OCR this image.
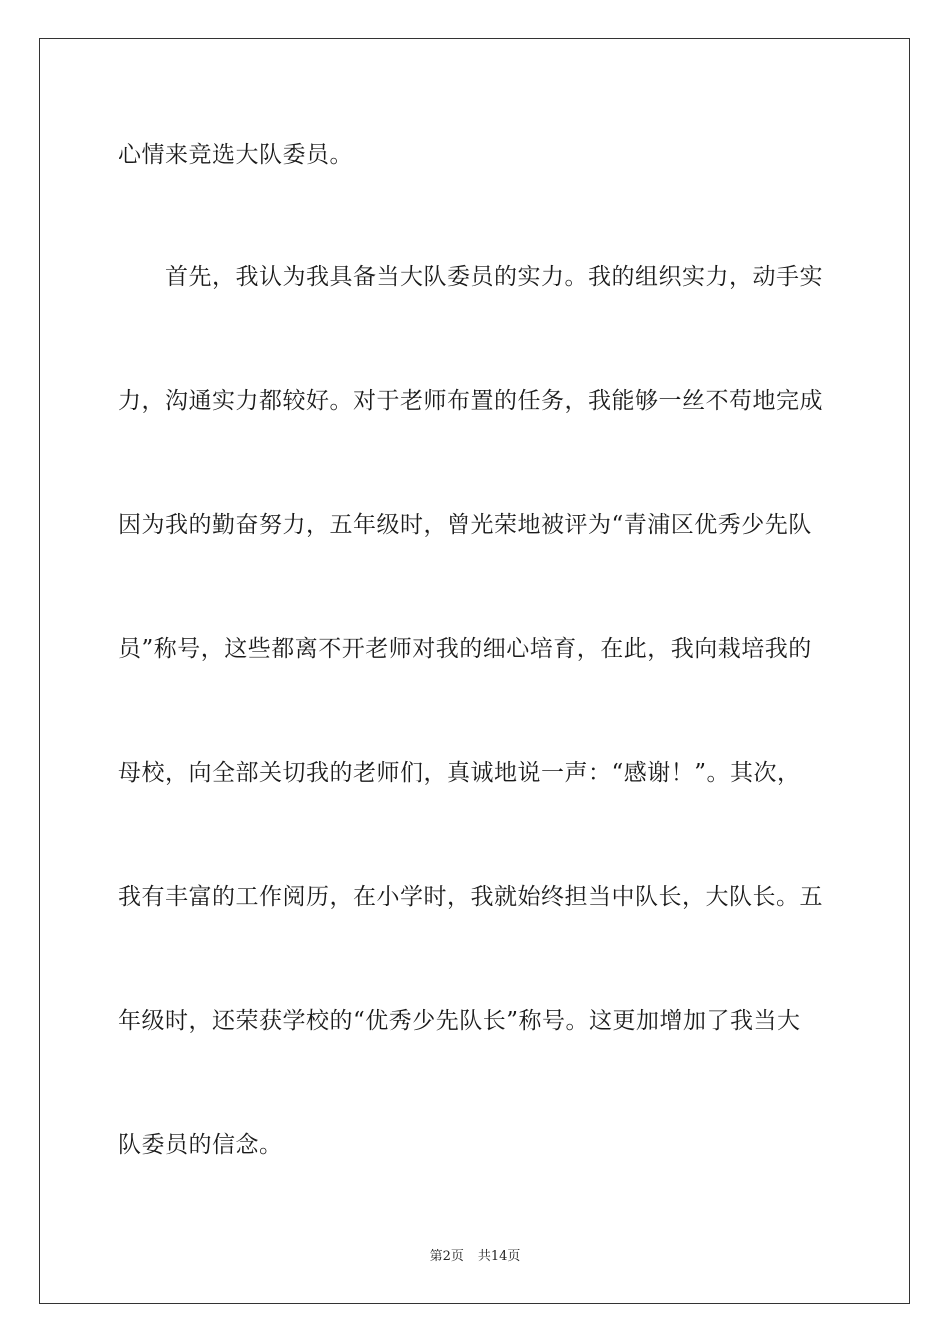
心情来竞选大队委员。
　　首先，我认为我具备当大队委员的实力。我的组织实力，动手实
力，沟通实力都较好。对于老师布置的任务，我能够一丝不苟地完成
因为我的勤奋努力，五年级时，曾光荣地被评为“青浦区优秀少先队
员”称号，这些都离不开老师对我的细心培育，在此，我向栽培我的
母校，向全部关切我的老师们，真诚地说一声：“感谢！”。其次，
我有丰富的工作阅历，在小学时，我就始终担当中队长，大队长。五
年级时，还荣获学校的“优秀少先队长”称号。这更加增加了我当大
队委员的信念。
第2页 共14页
